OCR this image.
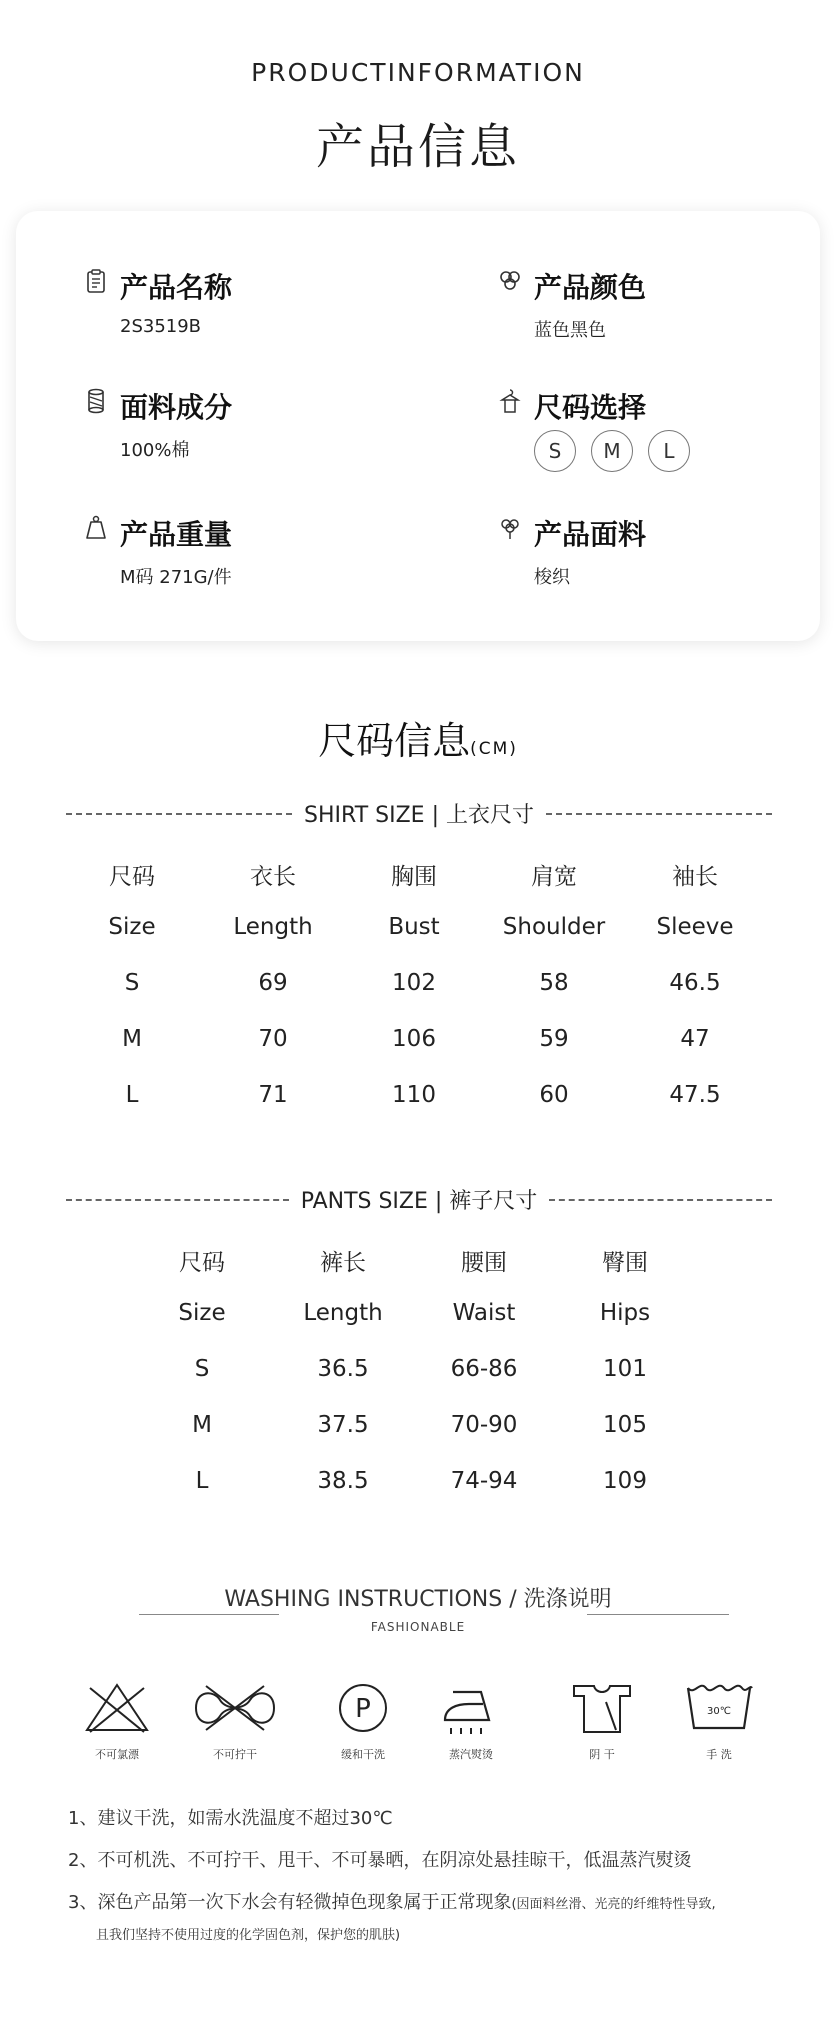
PRODUCTINFORMATION
产品信息
产品名称
2S3519B
产品颜色
蓝色黑色
面料成分
100%棉
尺码选择
S	M	L
产品重量
M码 271G/件
产品面料
梭织
尺码信息(CM)
SHIRT SIZE | 上衣尺寸
尺码	衣长	胸围	肩宽	袖长
Size	Length	Bust	Shoulder	Sleeve
S	69	102	58	46.5
M	70	106	59	47
L	71	110	60	47.5
PANTS SIZE | 裤子尺寸
尺码	裤长	腰围	臀围
Size	Length	Waist	Hips
S	36.5	66-86	101
M	37.5	70-90	105
L	38.5	74-94	109
WASHING INSTRUCTIONS / 洗涤说明
FASHIONABLE
不可氯漂	不可拧干
P
缓和干洗	蒸汽熨烫	阴 干
30℃
手 洗
1、建议干洗，如需水洗温度不超过30℃
2、不可机洗、不可拧干、甩干、不可暴晒，在阴凉处悬挂晾干，低温蒸汽熨烫
3、深色产品第一次下水会有轻微掉色现象属于正常现象(因面料丝滑、光亮的纤维特性导致,
且我们坚持不使用过度的化学固色剂，保护您的肌肤)
